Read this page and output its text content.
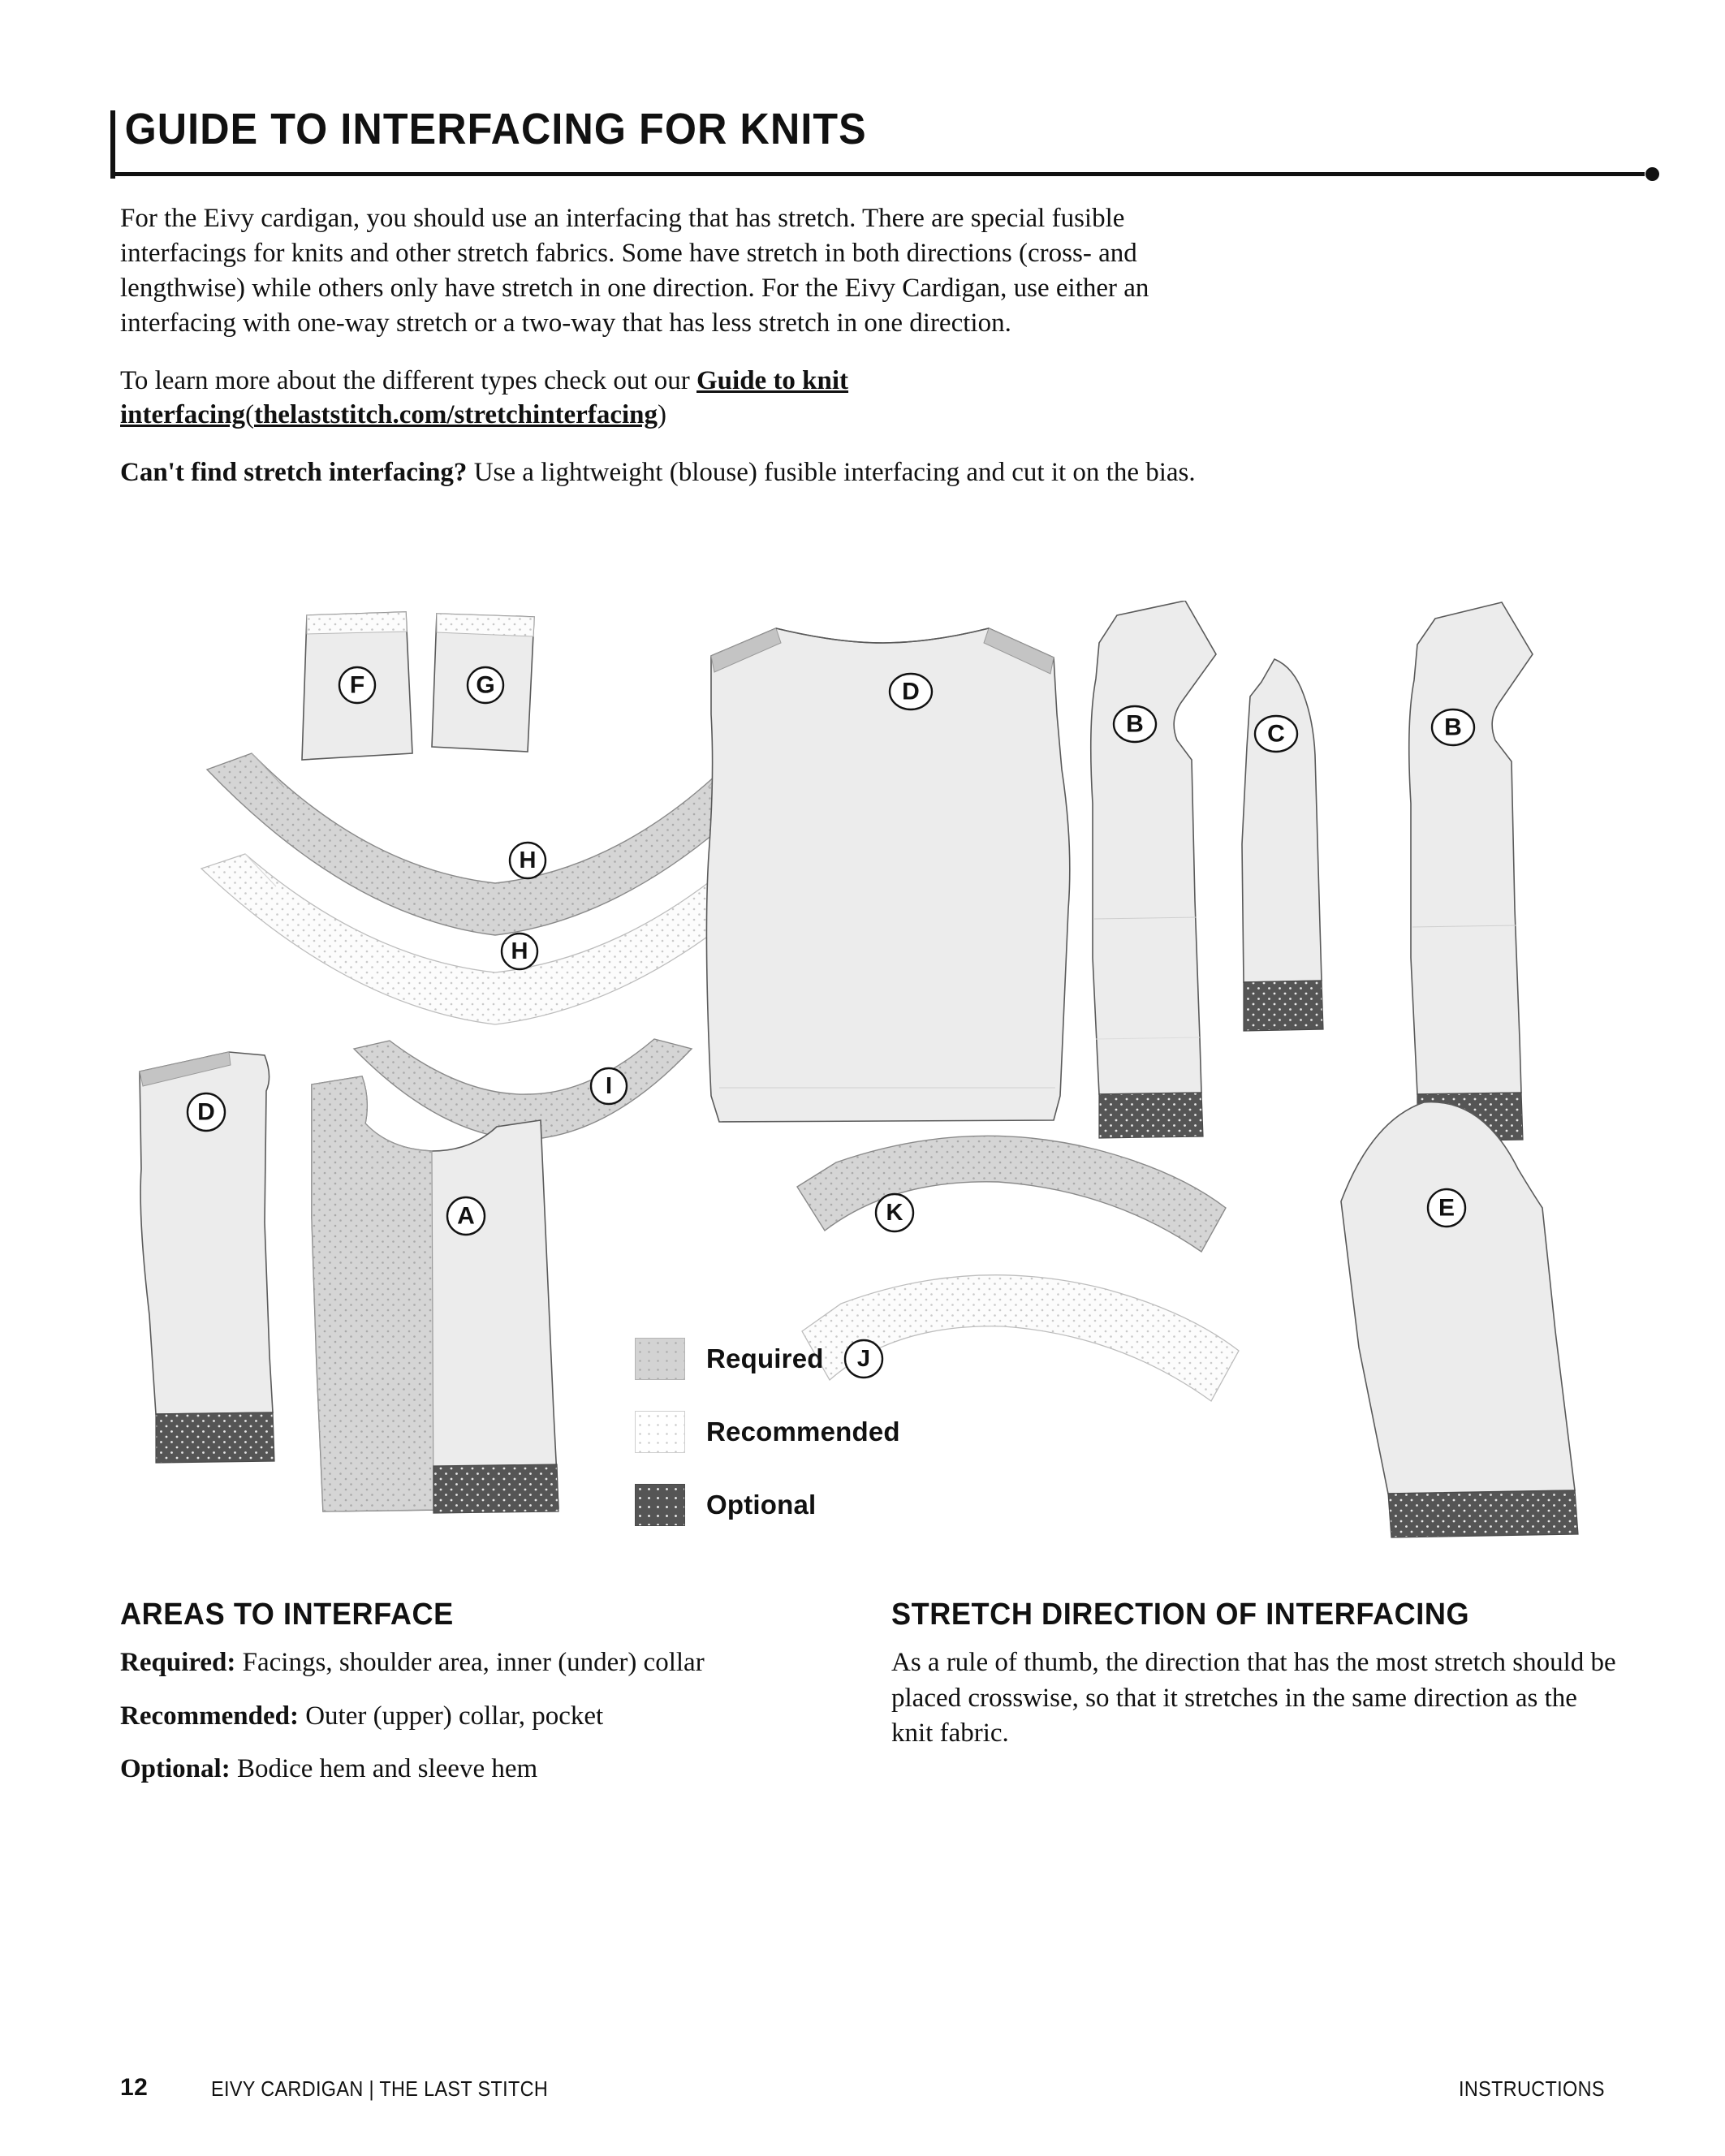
GUIDE TO INTERFACING FOR KNITS

For the Eivy cardigan, you should use an interfacing that has stretch. There are special fusible interfacings for knits and other stretch fabrics. Some have stretch in both directions (cross- and lengthwise) while others only have stretch in one direction. For the Eivy Cardigan, use either an interfacing with one-way stretch or a two-way that has less stretch in one direction.

To learn more about the different types check out our Guide to knit interfacing(thelaststitch.com/stretchinterfacing)

Can't find stretch interfacing? Use a lightweight (blouse) fusible interfacing and cut it on the bias.

F	G
H
H
I
D
B	C	B
D
A	K
J
E
Required
Recommended
Optional
AREAS TO INTERFACE

Required: Facings, shoulder area, inner (under) collar

Recommended: Outer (upper) collar, pocket

Optional: Bodice hem and sleeve hem

STRETCH DIRECTION OF INTERFACING

As a rule of thumb, the direction that has the most stretch should be placed crosswise, so that it stretches in the same direction as the knit fabric.

12	EIVY CARDIGAN | THE LAST STITCH	INSTRUCTIONS
